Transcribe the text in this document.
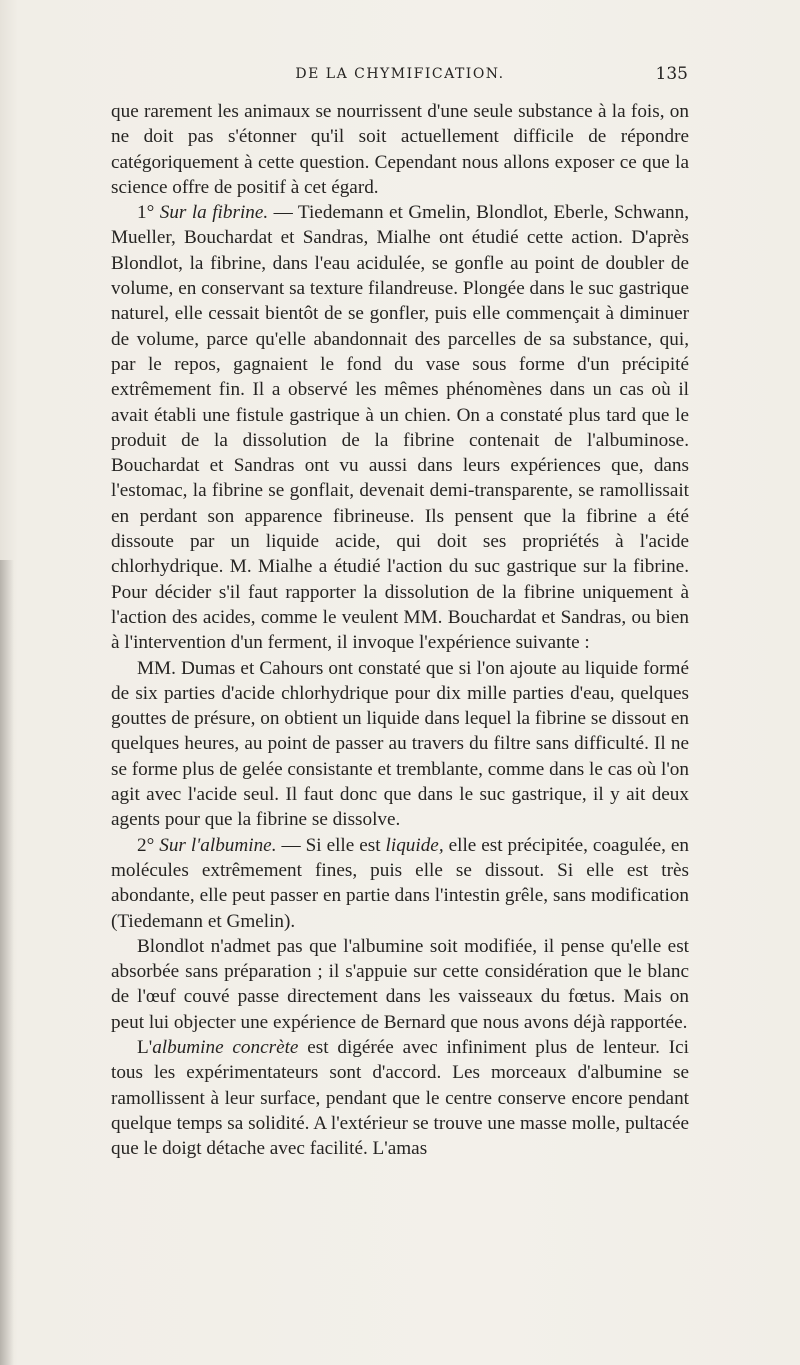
DE LA CHYMIFICATION.	135

que rarement les animaux se nourrissent d'une seule substance à la fois, on ne doit pas s'étonner qu'il soit actuellement difficile de répondre catégoriquement à cette question. Cependant nous allons exposer ce que la science offre de positif à cet égard.

1° Sur la fibrine. — Tiedemann et Gmelin, Blondlot, Eberle, Schwann, Mueller, Bouchardat et Sandras, Mialhe ont étudié cette action. D'après Blondlot, la fibrine, dans l'eau acidulée, se gonfle au point de doubler de volume, en conservant sa texture filandreuse. Plongée dans le suc gastrique naturel, elle cessait bientôt de se gonfler, puis elle commençait à diminuer de volume, parce qu'elle abandonnait des parcelles de sa substance, qui, par le repos, gagnaient le fond du vase sous forme d'un précipité extrêmement fin. Il a observé les mêmes phénomènes dans un cas où il avait établi une fistule gastrique à un chien. On a constaté plus tard que le produit de la dissolution de la fibrine contenait de l'albuminose. Bouchardat et Sandras ont vu aussi dans leurs expériences que, dans l'estomac, la fibrine se gonflait, devenait demi-transparente, se ramollissait en perdant son apparence fibrineuse. Ils pensent que la fibrine a été dissoute par un liquide acide, qui doit ses propriétés à l'acide chlorhydrique. M. Mialhe a étudié l'action du suc gastrique sur la fibrine. Pour décider s'il faut rapporter la dissolution de la fibrine uniquement à l'action des acides, comme le veulent MM. Bouchardat et Sandras, ou bien à l'intervention d'un ferment, il invoque l'expérience suivante :

MM. Dumas et Cahours ont constaté que si l'on ajoute au liquide formé de six parties d'acide chlorhydrique pour dix mille parties d'eau, quelques gouttes de présure, on obtient un liquide dans lequel la fibrine se dissout en quelques heures, au point de passer au travers du filtre sans difficulté. Il ne se forme plus de gelée consistante et tremblante, comme dans le cas où l'on agit avec l'acide seul. Il faut donc que dans le suc gastrique, il y ait deux agents pour que la fibrine se dissolve.

2° Sur l'albumine. — Si elle est liquide, elle est précipitée, coagulée, en molécules extrêmement fines, puis elle se dissout. Si elle est très abondante, elle peut passer en partie dans l'intestin grêle, sans modification (Tiedemann et Gmelin).

Blondlot n'admet pas que l'albumine soit modifiée, il pense qu'elle est absorbée sans préparation ; il s'appuie sur cette considération que le blanc de l'œuf couvé passe directement dans les vaisseaux du fœtus. Mais on peut lui objecter une expérience de Bernard que nous avons déjà rapportée.

L'albumine concrète est digérée avec infiniment plus de lenteur. Ici tous les expérimentateurs sont d'accord. Les morceaux d'albumine se ramollissent à leur surface, pendant que le centre conserve encore pendant quelque temps sa solidité. A l'extérieur se trouve une masse molle, pultacée que le doigt détache avec facilité. L'amas
